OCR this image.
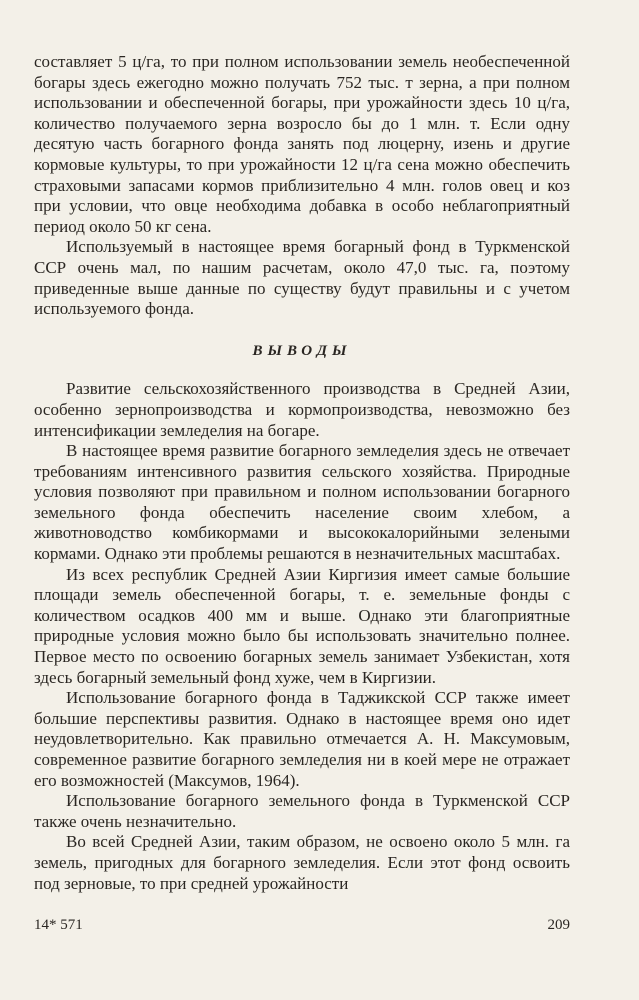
составляет 5 ц/га, то при полном использовании земель необеспеченной богары здесь ежегодно можно получать 752 тыс. т зерна, а при полном использовании и обеспеченной богары, при урожайности здесь 10 ц/га, количество получаемого зерна возросло бы до 1 млн. т. Если одну десятую часть богарного фонда занять под люцерну, изень и другие кормовые культуры, то при урожайности 12 ц/га сена можно обеспечить страховыми запасами кормов приблизительно 4 млн. голов овец и коз при условии, что овце необходима добавка в особо неблагоприятный период около 50 кг сена.

Используемый в настоящее время богарный фонд в Туркменской ССР очень мал, по нашим расчетам, около 47,0 тыс. га, поэтому приведенные выше данные по существу будут правильны и с учетом используемого фонда.

ВЫВОДЫ

Развитие сельскохозяйственного производства в Средней Азии, особенно зернопроизводства и кормопроизводства, невозможно без интенсификации земледелия на богаре.

В настоящее время развитие богарного земледелия здесь не отвечает требованиям интенсивного развития сельского хозяйства. Природные условия позволяют при правильном и полном использовании богарного земельного фонда обеспечить население своим хлебом, а животноводство комбикормами и высококалорийными зелеными кормами. Однако эти проблемы решаются в незначительных масштабах.

Из всех республик Средней Азии Киргизия имеет самые большие площади земель обеспеченной богары, т. е. земельные фонды с количеством осадков 400 мм и выше. Однако эти благоприятные природные условия можно было бы использовать значительно полнее. Первое место по освоению богарных земель занимает Узбекистан, хотя здесь богарный земельный фонд хуже, чем в Киргизии.

Использование богарного фонда в Таджикской ССР также имеет большие перспективы развития. Однако в настоящее время оно идет неудовлетворительно. Как правильно отмечается А. Н. Максумовым, современное развитие богарного земледелия ни в коей мере не отражает его возможностей (Максумов, 1964).

Использование богарного земельного фонда в Туркменской ССР также очень незначительно.

Во всей Средней Азии, таким образом, не освоено около 5 млн. га земель, пригодных для богарного земледелия. Если этот фонд освоить под зерновые, то при средней урожайности

14* 571	209
